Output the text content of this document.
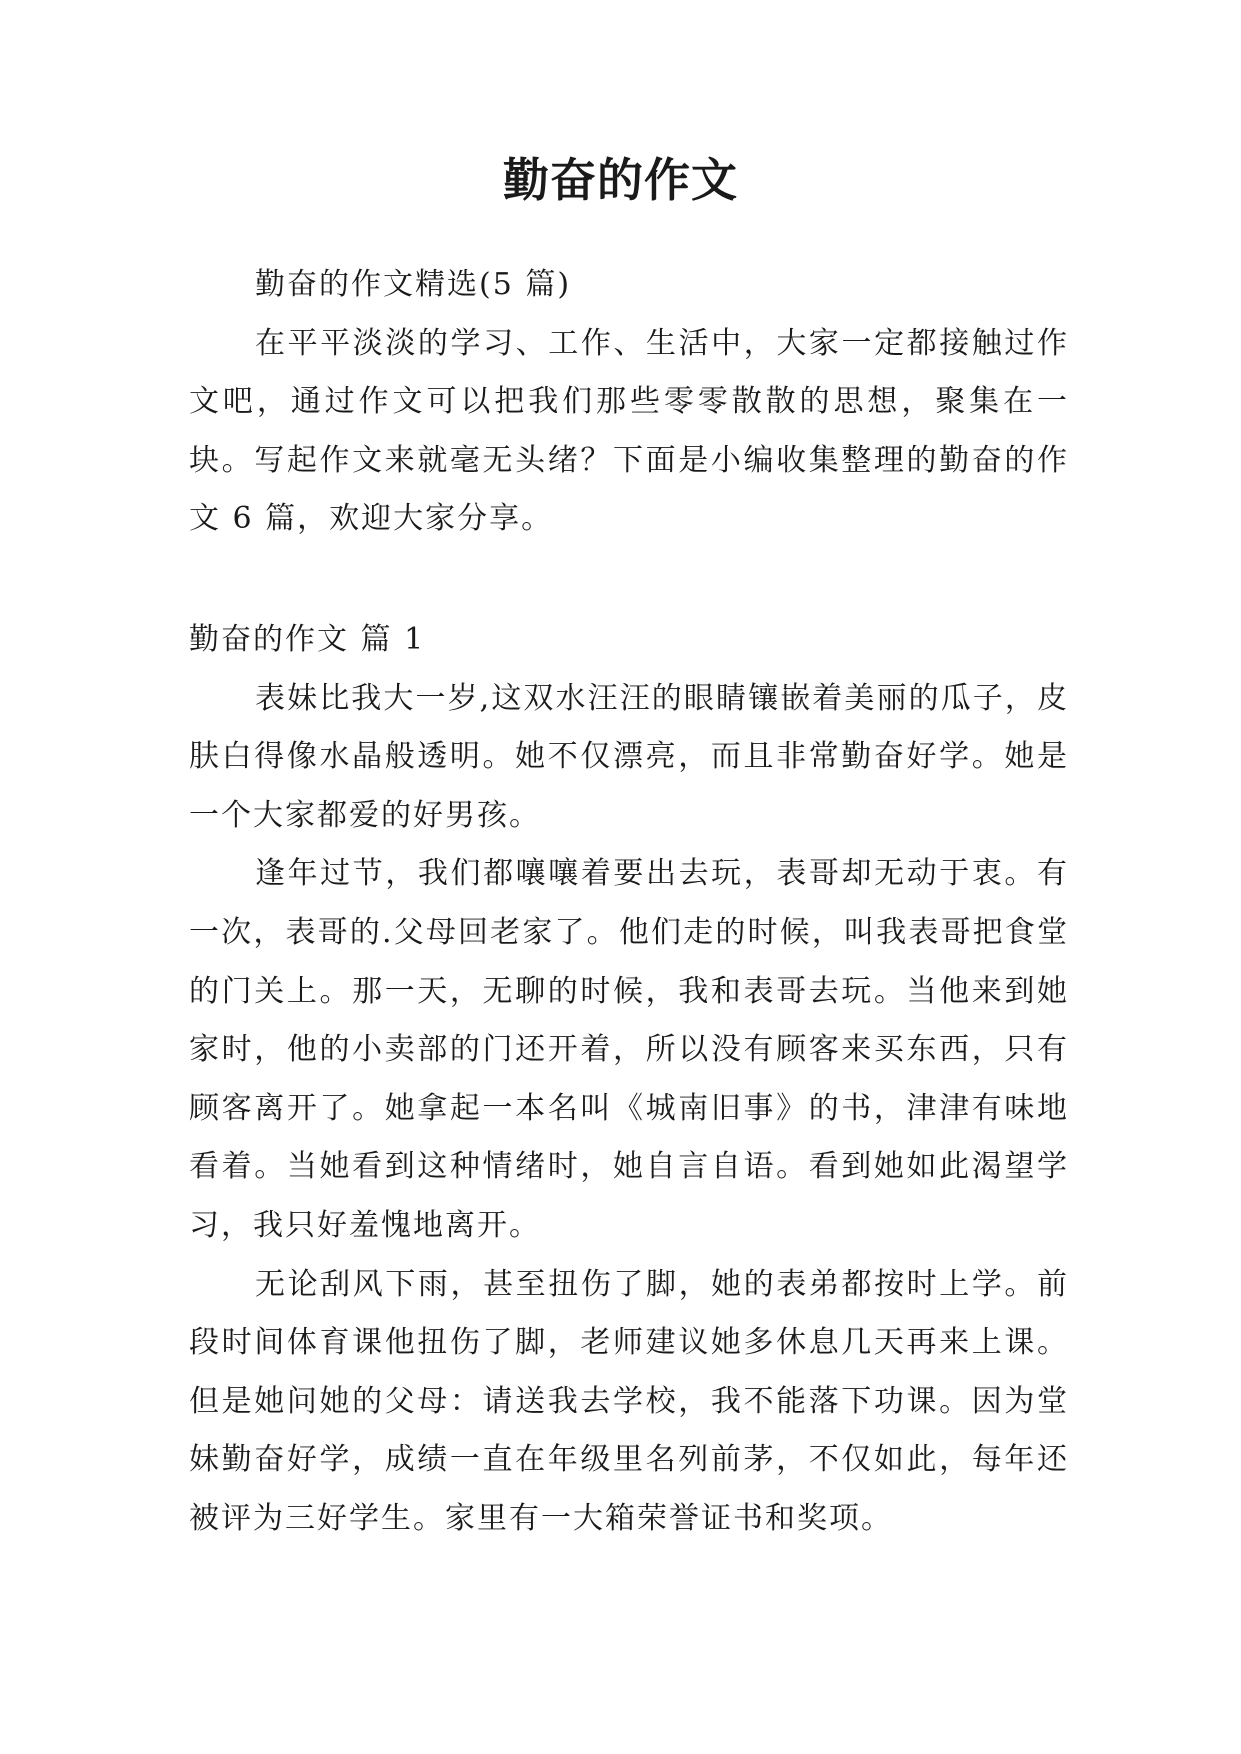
勤奋的作文

勤奋的作文精选(5 篇)

在平平淡淡的学习、工作、生活中，大家一定都接触过作文吧，通过作文可以把我们那些零零散散的思想，聚集在一块。写起作文来就毫无头绪？下面是小编收集整理的勤奋的作文 6 篇，欢迎大家分享。

勤奋的作文 篇 1

表妹比我大一岁,这双水汪汪的眼睛镶嵌着美丽的瓜子，皮肤白得像水晶般透明。她不仅漂亮，而且非常勤奋好学。她是一个大家都爱的好男孩。

逢年过节，我们都嚷嚷着要出去玩，表哥却无动于衷。有一次，表哥的.父母回老家了。他们走的时候，叫我表哥把食堂的门关上。那一天，无聊的时候，我和表哥去玩。当他来到她家时，他的小卖部的门还开着，所以没有顾客来买东西，只有顾客离开了。她拿起一本名叫《城南旧事》的书，津津有味地看着。当她看到这种情绪时，她自言自语。看到她如此渴望学习，我只好羞愧地离开。

无论刮风下雨，甚至扭伤了脚，她的表弟都按时上学。前段时间体育课他扭伤了脚，老师建议她多休息几天再来上课。但是她问她的父母：请送我去学校，我不能落下功课。因为堂妹勤奋好学，成绩一直在年级里名列前茅，不仅如此，每年还被评为三好学生。家里有一大箱荣誉证书和奖项。
